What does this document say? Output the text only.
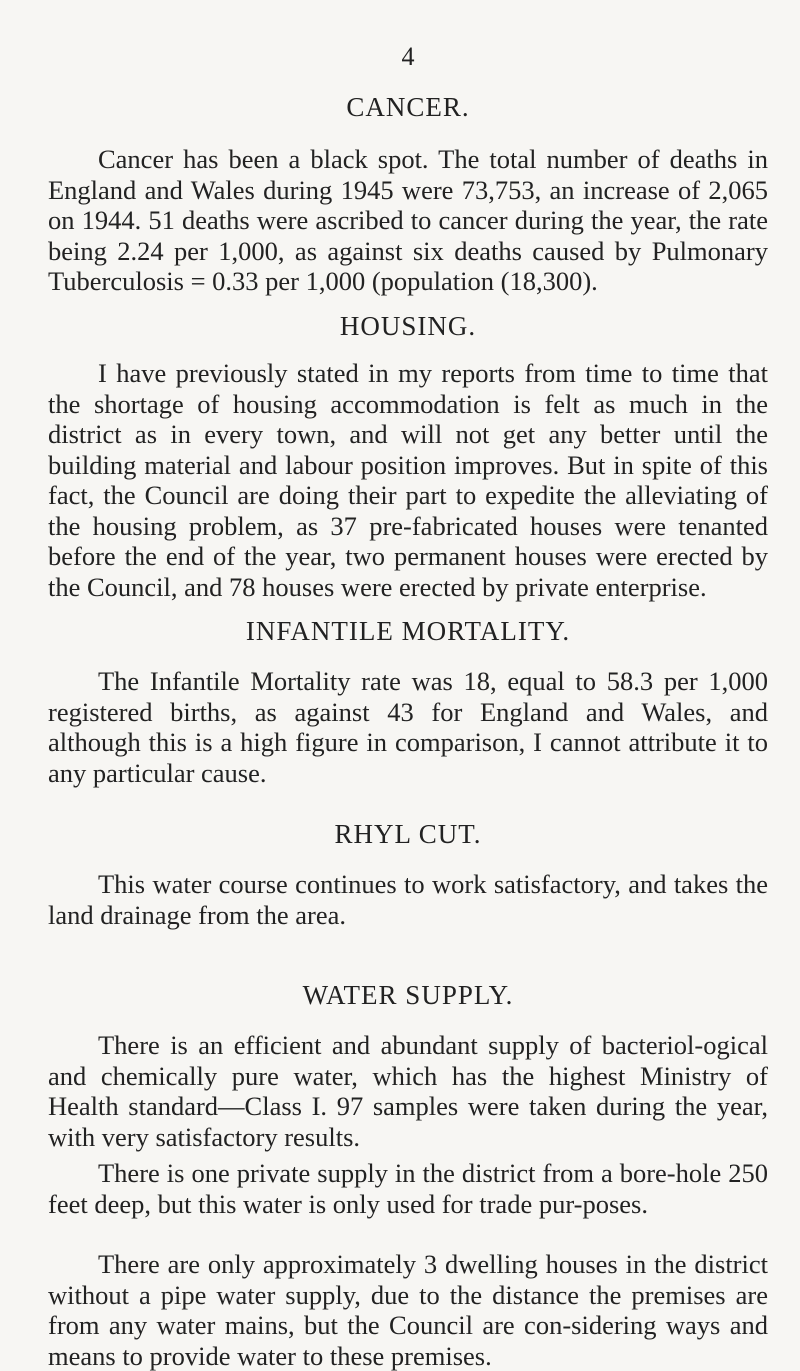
4
CANCER.

Cancer has been a black spot. The total number of deaths in England and Wales during 1945 were 73,753, an increase of 2,065 on 1944. 51 deaths were ascribed to cancer during the year, the rate being 2.24 per 1,000, as against six deaths caused by Pulmonary Tuberculosis = 0.33 per 1,000 (population (18,300).

HOUSING.

I have previously stated in my reports from time to time that the shortage of housing accommodation is felt as much in the district as in every town, and will not get any better until the building material and labour position improves. But in spite of this fact, the Council are doing their part to expedite the alleviating of the housing problem, as 37 pre-fabricated houses were tenanted before the end of the year, two permanent houses were erected by the Council, and 78 houses were erected by private enterprise.

INFANTILE MORTALITY.

The Infantile Mortality rate was 18, equal to 58.3 per 1,000 registered births, as against 43 for England and Wales, and although this is a high figure in comparison, I cannot attribute it to any particular cause.

RHYL CUT.

This water course continues to work satisfactory, and takes the land drainage from the area.

WATER SUPPLY.

There is an efficient and abundant supply of bacteriol-ogical and chemically pure water, which has the highest Ministry of Health standard—Class I. 97 samples were taken during the year, with very satisfactory results.

There is one private supply in the district from a bore-hole 250 feet deep, but this water is only used for trade pur-poses.

There are only approximately 3 dwelling houses in the district without a pipe water supply, due to the distance the premises are from any water mains, but the Council are con-sidering ways and means to provide water to these premises.
